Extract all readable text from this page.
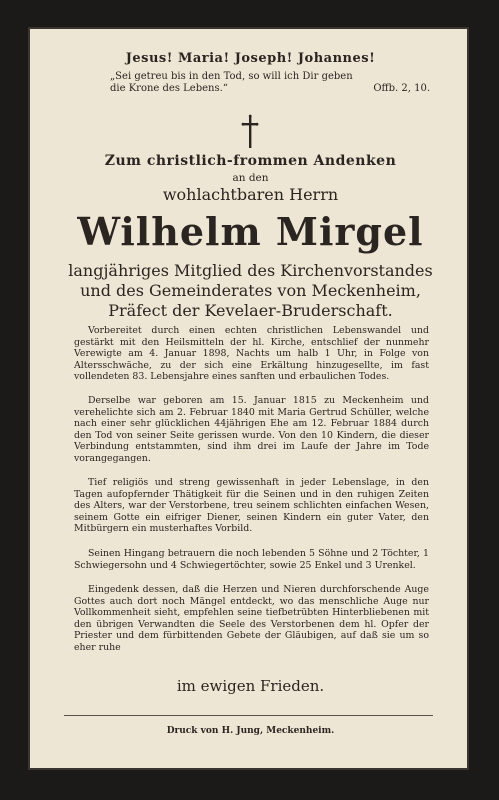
Jesus! Maria! Joseph! Johannes!
„Sei getreu bis in den Tod, so will ich Dir geben
die Krone des Lebens.“	Offb. 2, 10.
Zum christlich-frommen Andenken
an den
wohlachtbaren Herrn
Wilhelm Mirgel
langjähriges Mitglied des Kirchenvorstandes
und des Gemeinderates von Meckenheim,
Präfect der Kevelaer-Bruderschaft.
Vorbereitet durch einen echten christlichen Lebenswandel und gestärkt mit den Heilsmitteln der hl. Kirche, entschlief der nunmehr Verewigte am 4. Januar 1898, Nachts um halb 1 Uhr, in Folge von Altersschwäche, zu der sich eine Erkältung hinzugesellte, im fast vollendeten 83. Lebensjahre eines sanften und erbaulichen Todes.
Derselbe war geboren am 15. Januar 1815 zu Meckenheim und verehelichte sich am 2. Februar 1840 mit Maria Gertrud Schüller, welche nach einer sehr glücklichen 44jährigen Ehe am 12. Februar 1884 durch den Tod von seiner Seite gerissen wurde. Von den 10 Kindern, die dieser Verbindung entstammten, sind ihm drei im Laufe der Jahre im Tode vorangegangen.
Tief religiös und streng gewissenhaft in jeder Lebenslage, in den Tagen aufopfernder Thätigkeit für die Seinen und in den ruhigen Zeiten des Alters, war der Verstorbene, treu seinem schlichten einfachen Wesen, seinem Gotte ein eifriger Diener, seinen Kindern ein guter Vater, den Mitbürgern ein musterhaftes Vorbild.
Seinen Hingang betrauern die noch lebenden 5 Söhne und 2 Töchter, 1 Schwiegersohn und 4 Schwiegertöchter, sowie 25 Enkel und 3 Urenkel.
Eingedenk dessen, daß die Herzen und Nieren durchforschende Auge Gottes auch dort noch Mängel entdeckt, wo das menschliche Auge nur Vollkommenheit sieht, empfehlen seine tiefbetrübten Hinterbliebenen mit den übrigen Verwandten die Seele des Verstorbenen dem hl. Opfer der Priester und dem fürbittenden Gebete der Gläubigen, auf daß sie um so eher ruhe
im ewigen Frieden.
Druck von H. Jung, Meckenheim.
